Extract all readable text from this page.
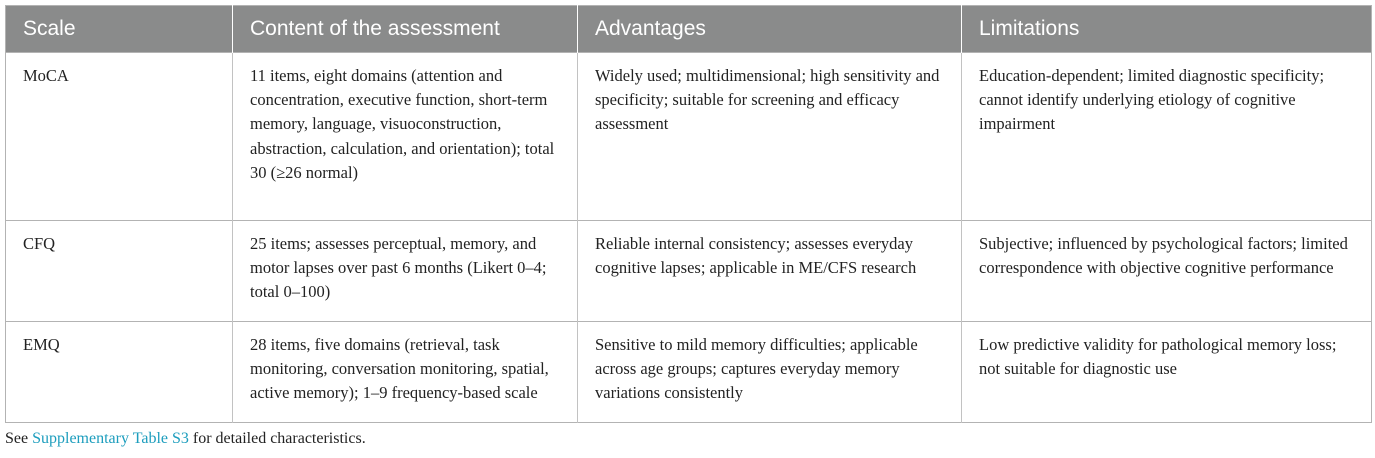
Scale	Content of the assessment	Advantages	Limitations
MoCA	11 items, eight domains (attention and concentration, executive function, short-term memory, language, visuoconstruction, abstraction, calculation, and orientation); total 30 (≥26 normal)	Widely used; multidimensional; high sensitivity and specificity; suitable for screening and efficacy assessment	Education-dependent; limited diagnostic specificity; cannot identify underlying etiology of cognitive impairment
CFQ	25 items; assesses perceptual, memory, and motor lapses over past 6 months (Likert 0–4; total 0–100)	Reliable internal consistency; assesses everyday cognitive lapses; applicable in ME/CFS research	Subjective; influenced by psychological factors; limited correspondence with objective cognitive performance
EMQ	28 items, five domains (retrieval, task monitoring, conversation monitoring, spatial, active memory); 1–9 frequency-based scale	Sensitive to mild memory difficulties; applicable across age groups; captures everyday memory variations consistently	Low predictive validity for pathological memory loss; not suitable for diagnostic use
See Supplementary Table S3 for detailed characteristics.
